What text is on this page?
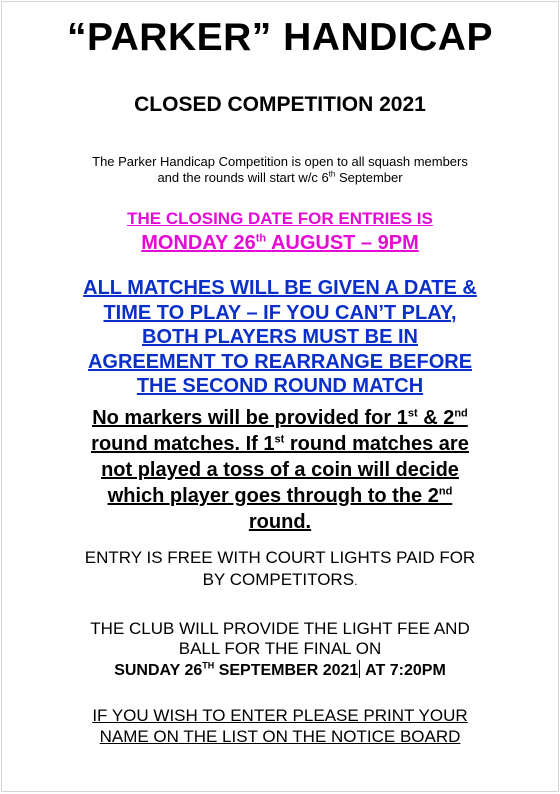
“PARKER” HANDICAP
CLOSED COMPETITION 2021
The Parker Handicap Competition is open to all squash members
and the rounds will start w/c 6th September
THE CLOSING DATE FOR ENTRIES IS
MONDAY 26th AUGUST – 9PM
ALL MATCHES WILL BE GIVEN A DATE &
TIME TO PLAY – IF YOU CAN’T PLAY,
BOTH PLAYERS MUST BE IN
AGREEMENT TO REARRANGE BEFORE
THE SECOND ROUND MATCH
No markers will be provided for 1st & 2nd
round matches. If 1st round matches are
not played a toss of a coin will decide
which player goes through to the 2nd
round.
ENTRY IS FREE WITH COURT LIGHTS PAID FOR
BY COMPETITORS.
THE CLUB WILL PROVIDE THE LIGHT FEE AND
BALL FOR THE FINAL ON
SUNDAY 26TH SEPTEMBER 2021 AT 7:20PM
IF YOU WISH TO ENTER PLEASE PRINT YOUR
NAME ON THE LIST ON THE NOTICE BOARD
